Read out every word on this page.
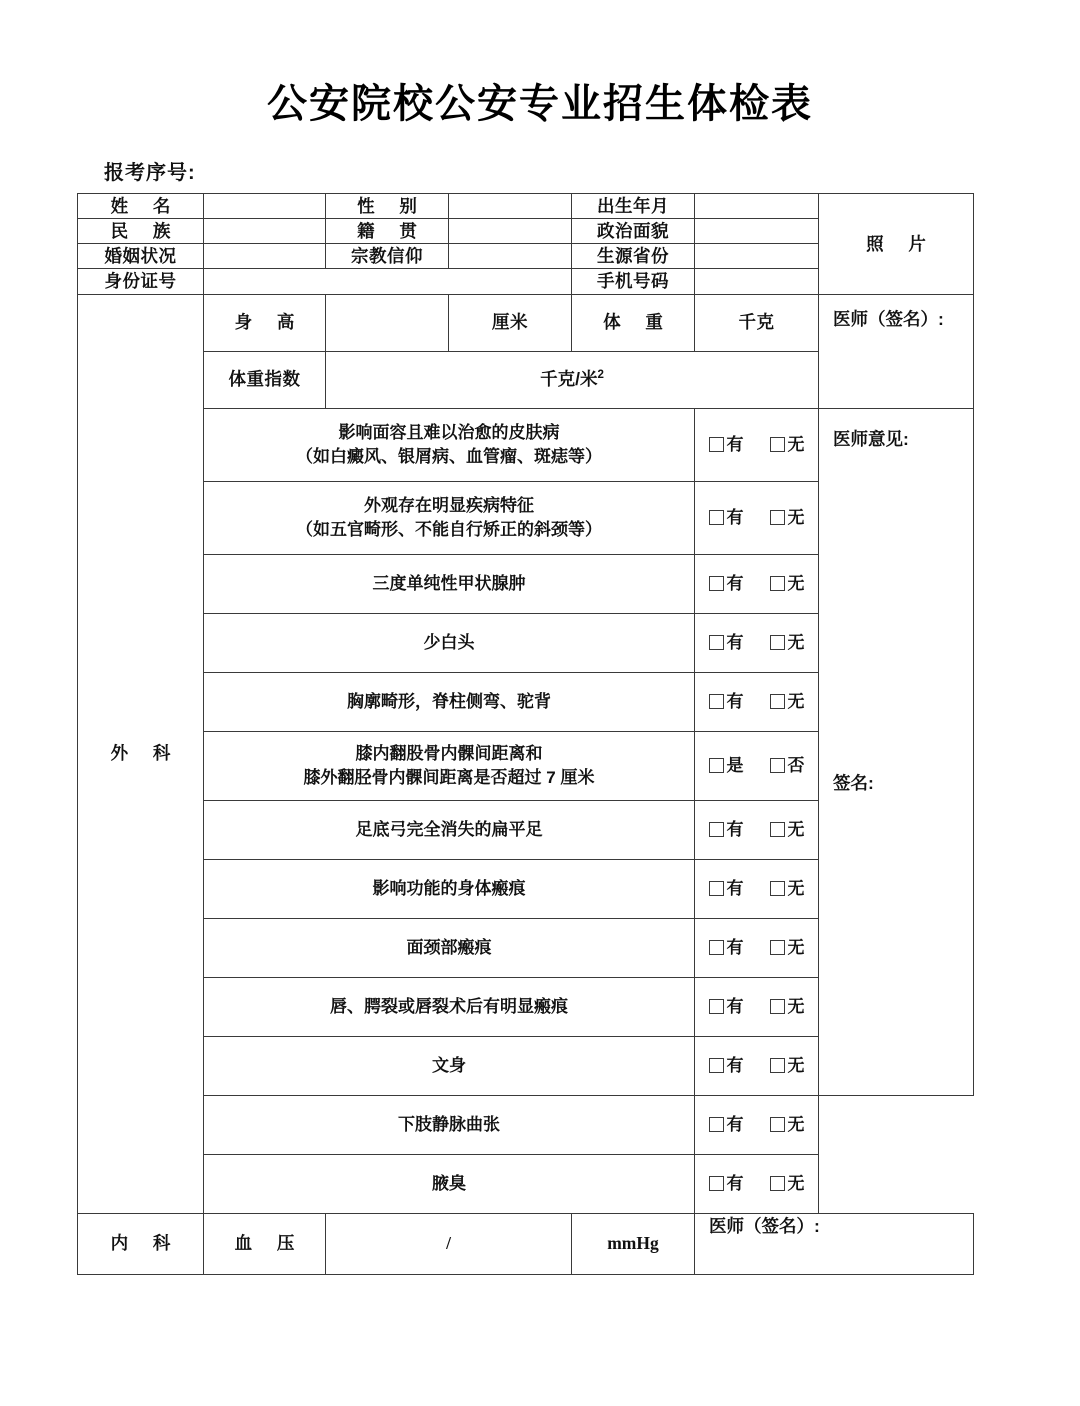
公安院校公安专业招生体检表
报考序号:
姓 名		性 别		出生年月		照 片
民 族		籍 贯		政治面貌		
婚姻状况		宗教信仰		生源省份		
身份证号				手机号码		
外 科	身 高		厘米	体 重	千克	医师（签名）:
	体重指数	千克/米$^2$
	影响面容且难以治愈的皮肤病
（如白癜风、银屑病、血管瘤、斑痣等）				有 无	医师意见:
签名:

	外观存在明显疾病特征
（如五官畸形、不能自行矫正的斜颈等）				有 无	

	三度单纯性甲状腺肿				有 无	

	少白头				有 无	

	胸廓畸形，脊柱侧弯、驼背				有 无	

	膝内翻股骨内髁间距离和
膝外翻胫骨内髁间距离是否超过 7 厘米				是 否	

	足底弓完全消失的扁平足				有 无	

	影响功能的身体瘢痕				有 无	

	面颈部瘢痕				有 无	

	唇、腭裂或唇裂术后有明显瘢痕				有 无	

	文身				有 无	

	下肢静脉曲张				有 无	

	腋臭				有 无	

内 科	血 压	/		mmHg	医师（签名）:	
